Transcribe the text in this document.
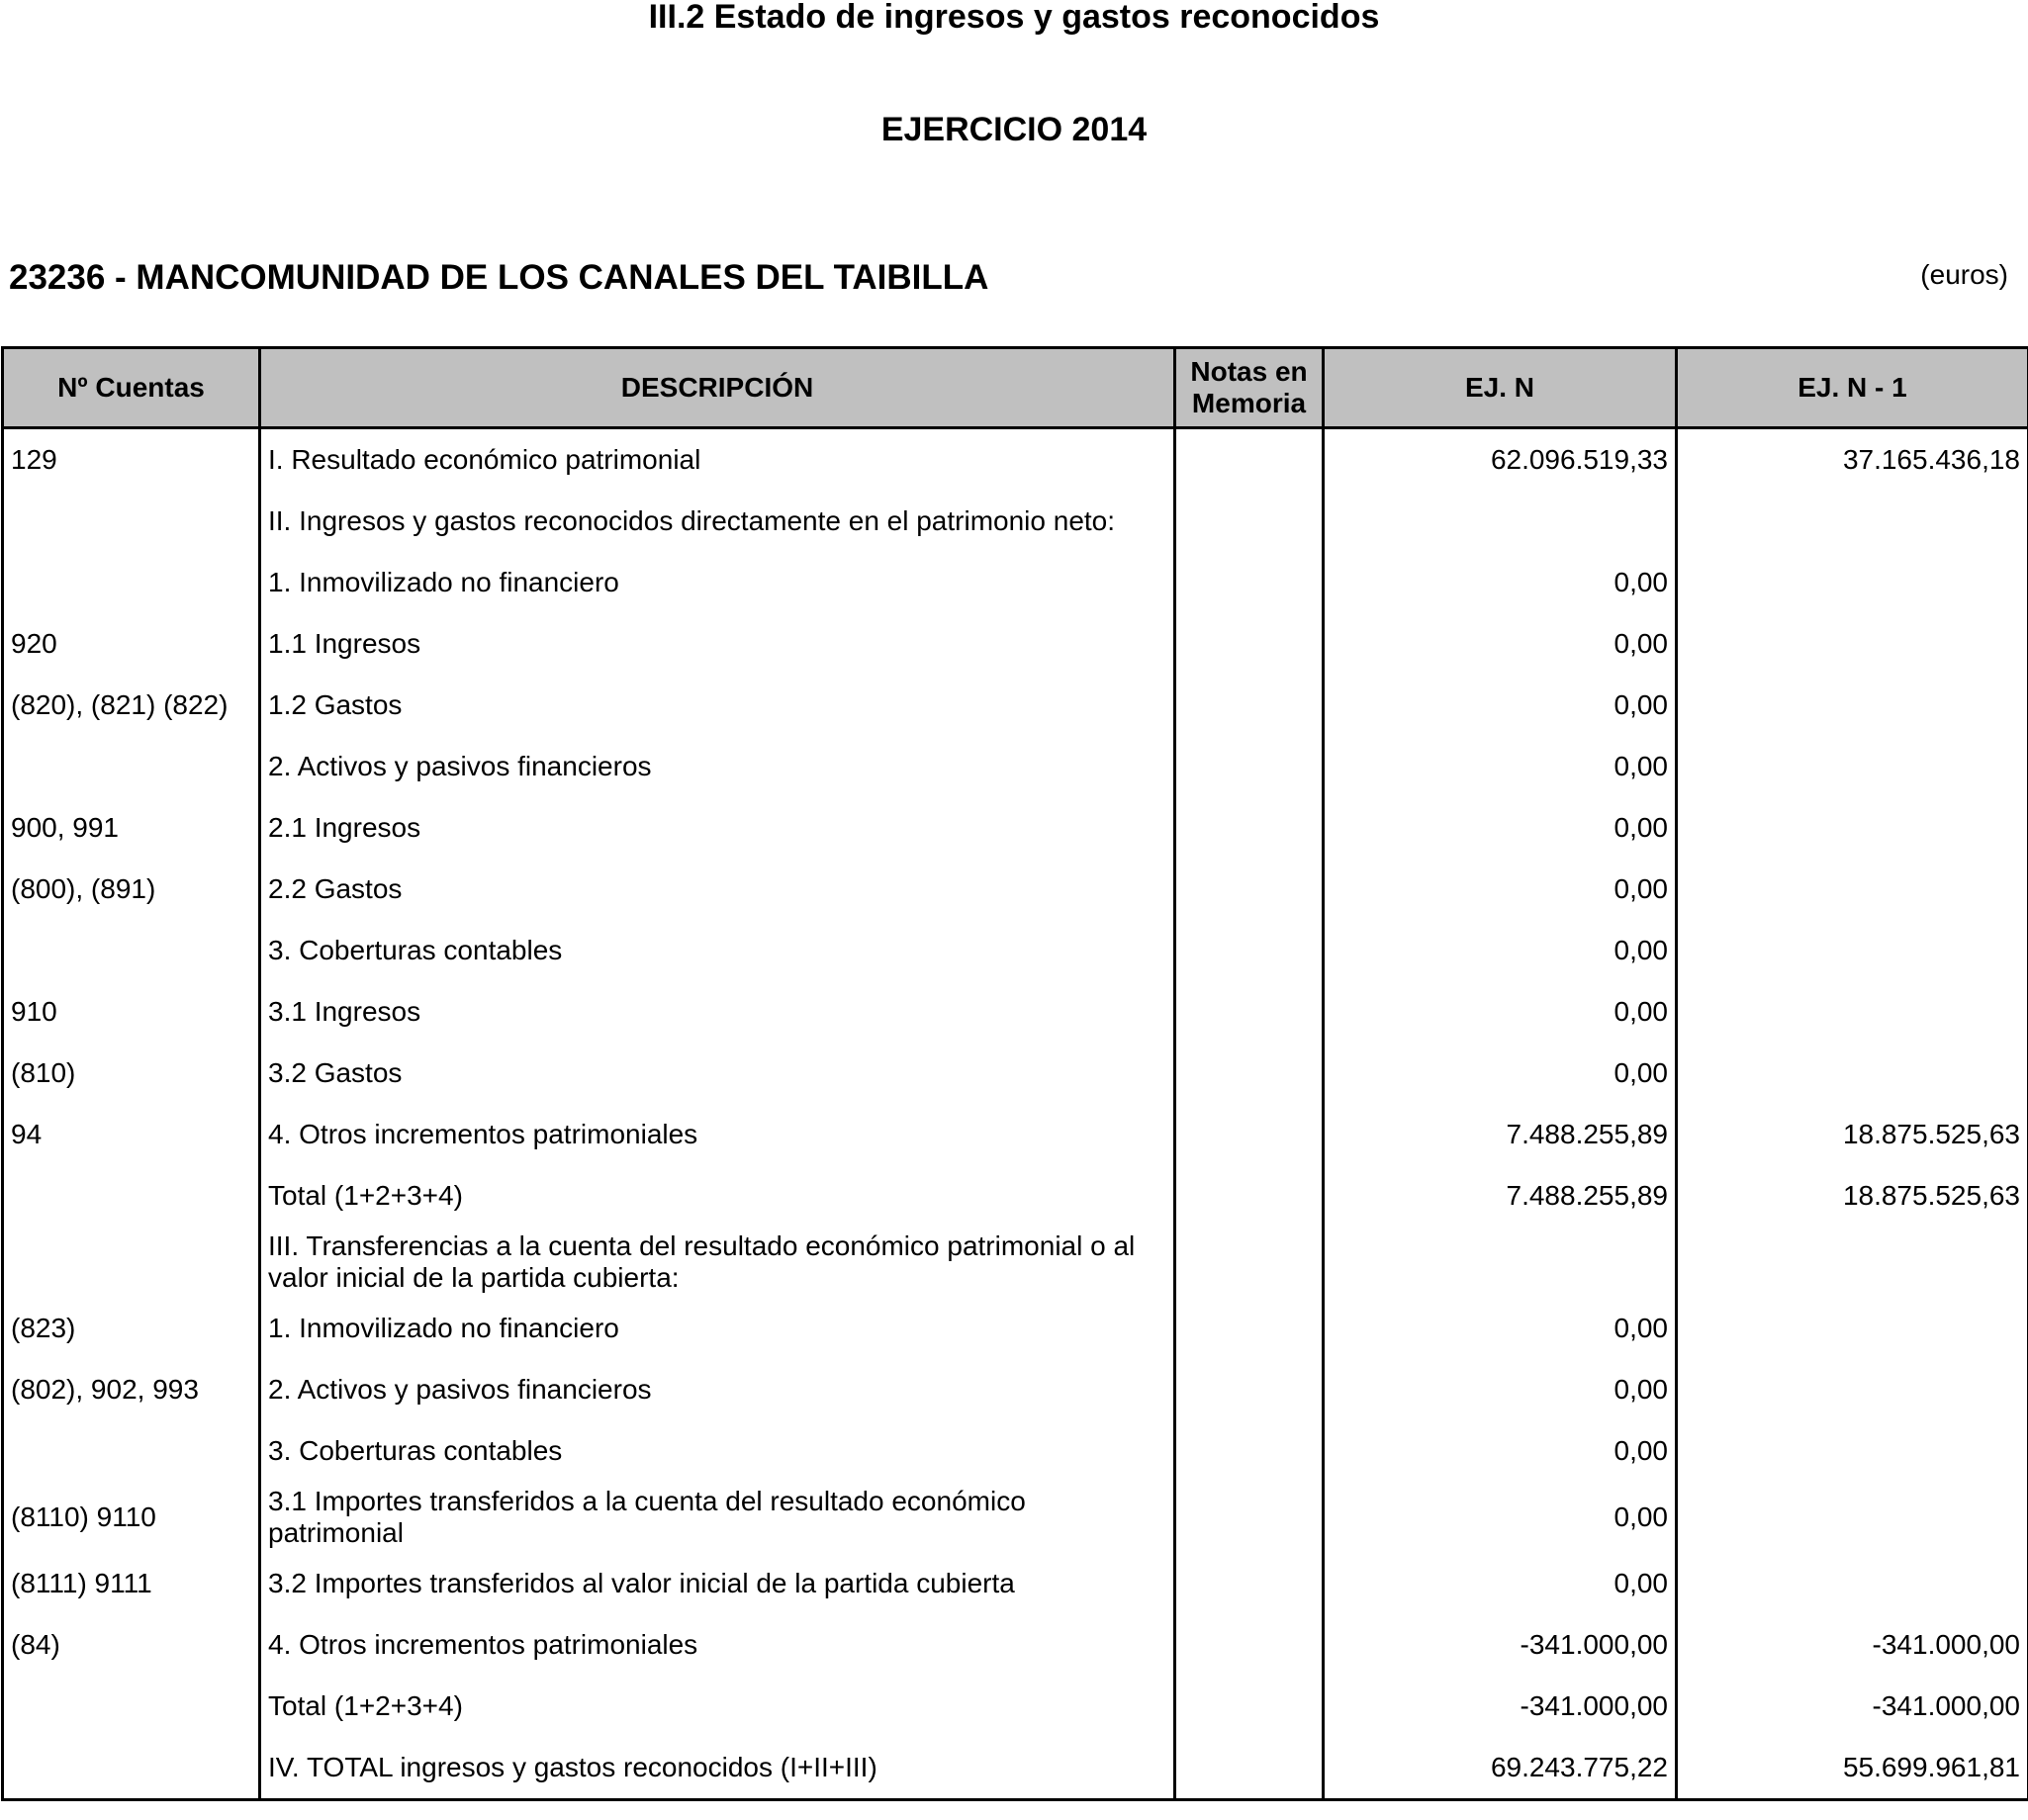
III.2 Estado de ingresos y gastos reconocidos
EJERCICIO 2014
23236 - MANCOMUNIDAD DE LOS CANALES DEL TAIBILLA	(euros)
Nº Cuentas	DESCRIPCIÓN	Notas en Memoria	EJ. N	EJ. N - 1
129	I. Resultado económico patrimonial		62.096.519,33	37.165.436,18
	II. Ingresos y gastos reconocidos directamente en el patrimonio neto:			
	1. Inmovilizado no financiero		0,00	
920	1.1 Ingresos		0,00	
(820), (821) (822)	1.2 Gastos		0,00	
	2. Activos y pasivos financieros		0,00	
900, 991	2.1 Ingresos		0,00	
(800), (891)	2.2 Gastos		0,00	
	3. Coberturas contables		0,00	
910	3.1 Ingresos		0,00	
(810)	3.2 Gastos		0,00	
94	4. Otros incrementos patrimoniales		7.488.255,89	18.875.525,63
	Total (1+2+3+4)		7.488.255,89	18.875.525,63
	III. Transferencias a la cuenta del resultado económico patrimonial o al valor inicial de la partida cubierta:			
(823)	1. Inmovilizado no financiero		0,00	
(802), 902, 993	2. Activos y pasivos financieros		0,00	
	3. Coberturas contables		0,00	
(8110) 9110	3.1 Importes transferidos a la cuenta del resultado económico patrimonial		0,00	
(8111) 9111	3.2 Importes transferidos al valor inicial de la partida cubierta		0,00	
(84)	4. Otros incrementos patrimoniales		-341.000,00	-341.000,00
	Total (1+2+3+4)		-341.000,00	-341.000,00
	IV. TOTAL ingresos y gastos reconocidos (I+II+III)		69.243.775,22	55.699.961,81
